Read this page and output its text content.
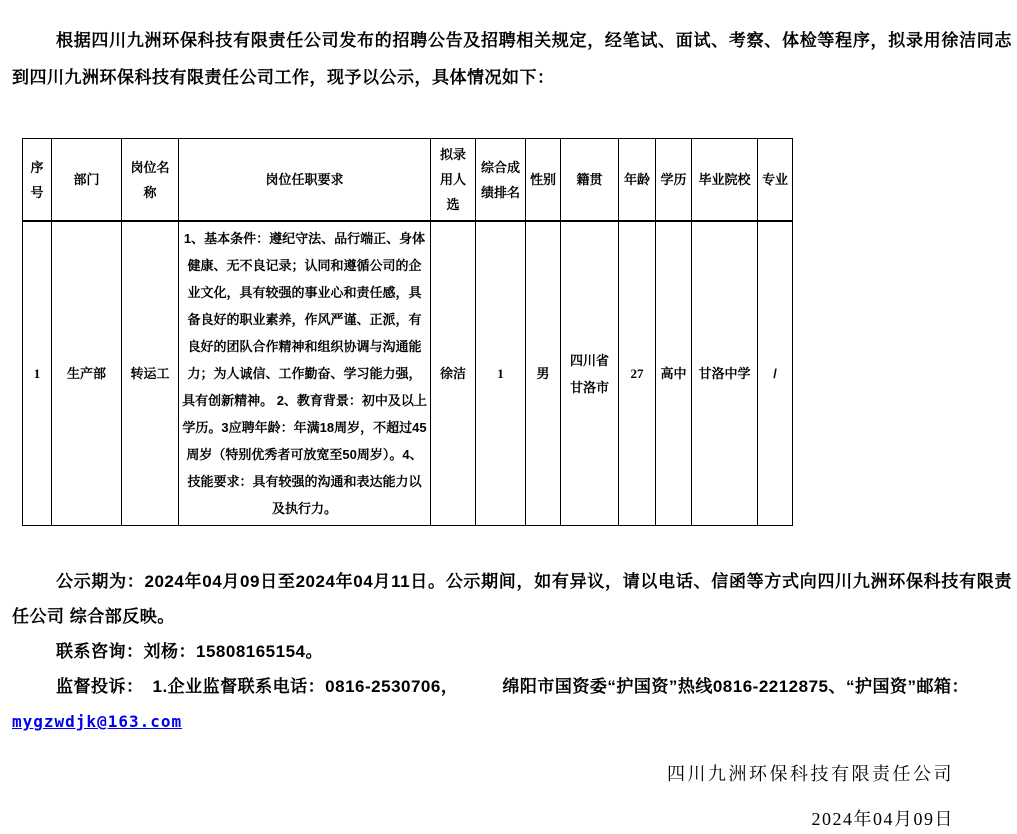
根据四川九洲环保科技有限责任公司发布的招聘公告及招聘相关规定，经笔试、面试、考察、体检等程序，拟录用徐洁同志到四川九洲环保科技有限责任公司工作，现予以公示，具体情况如下：

序号	部门	岗位名称	岗位任职要求	拟录用人选	综合成绩排名	性别	籍贯	年龄	学历	毕业院校	专业
1	生产部	转运工	1、基本条件：遵纪守法、品行端正、身体健康、无不良记录；认同和遵循公司的企业文化，具有较强的事业心和责任感，具备良好的职业素养，作风严谨、正派，有良好的团队合作精神和组织协调与沟通能力；为人诚信、工作勤奋、学习能力强，具有创新精神。 2、教育背景：初中及以上学历。3应聘年龄：年满18周岁，不超过45周岁（特别优秀者可放宽至50周岁）。4、技能要求：具有较强的沟通和表达能力以及执行力。	徐洁	1	男	四川省甘洛市	27	高中	甘洛中学	/

公示期为：2024年04月09日至2024年04月11日。公示期间，如有异议，请以电话、信函等方式向四川九洲环保科技有限责任公司 综合部反映。

联系咨询：刘杨：15808165154。

监督投诉：　1.企业监督联系电话：0816-2530706，　　　绵阳市国资委“护国资”热线0816-2212875、“护国资”邮箱：

mygzwdjk@163.com

四川九洲环保科技有限责任公司
2024年04月09日
